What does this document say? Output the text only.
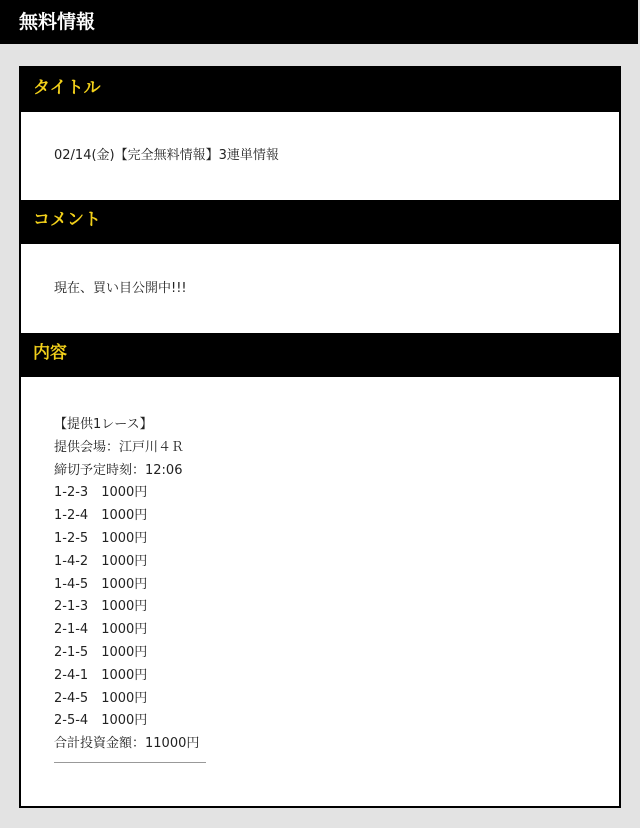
無料情報
タイトル
02/14(金)【完全無料情報】3連単情報
コメント
現在、買い目公開中!!!
内容
【提供1レース】
提供会場：江戸川４Ｒ
締切予定時刻：12:06
1-2-3　1000円
1-2-4　1000円
1-2-5　1000円
1-4-2　1000円
1-4-5　1000円
2-1-3　1000円
2-1-4　1000円
2-1-5　1000円
2-4-1　1000円
2-4-5　1000円
2-5-4　1000円
合計投資金額：11000円
